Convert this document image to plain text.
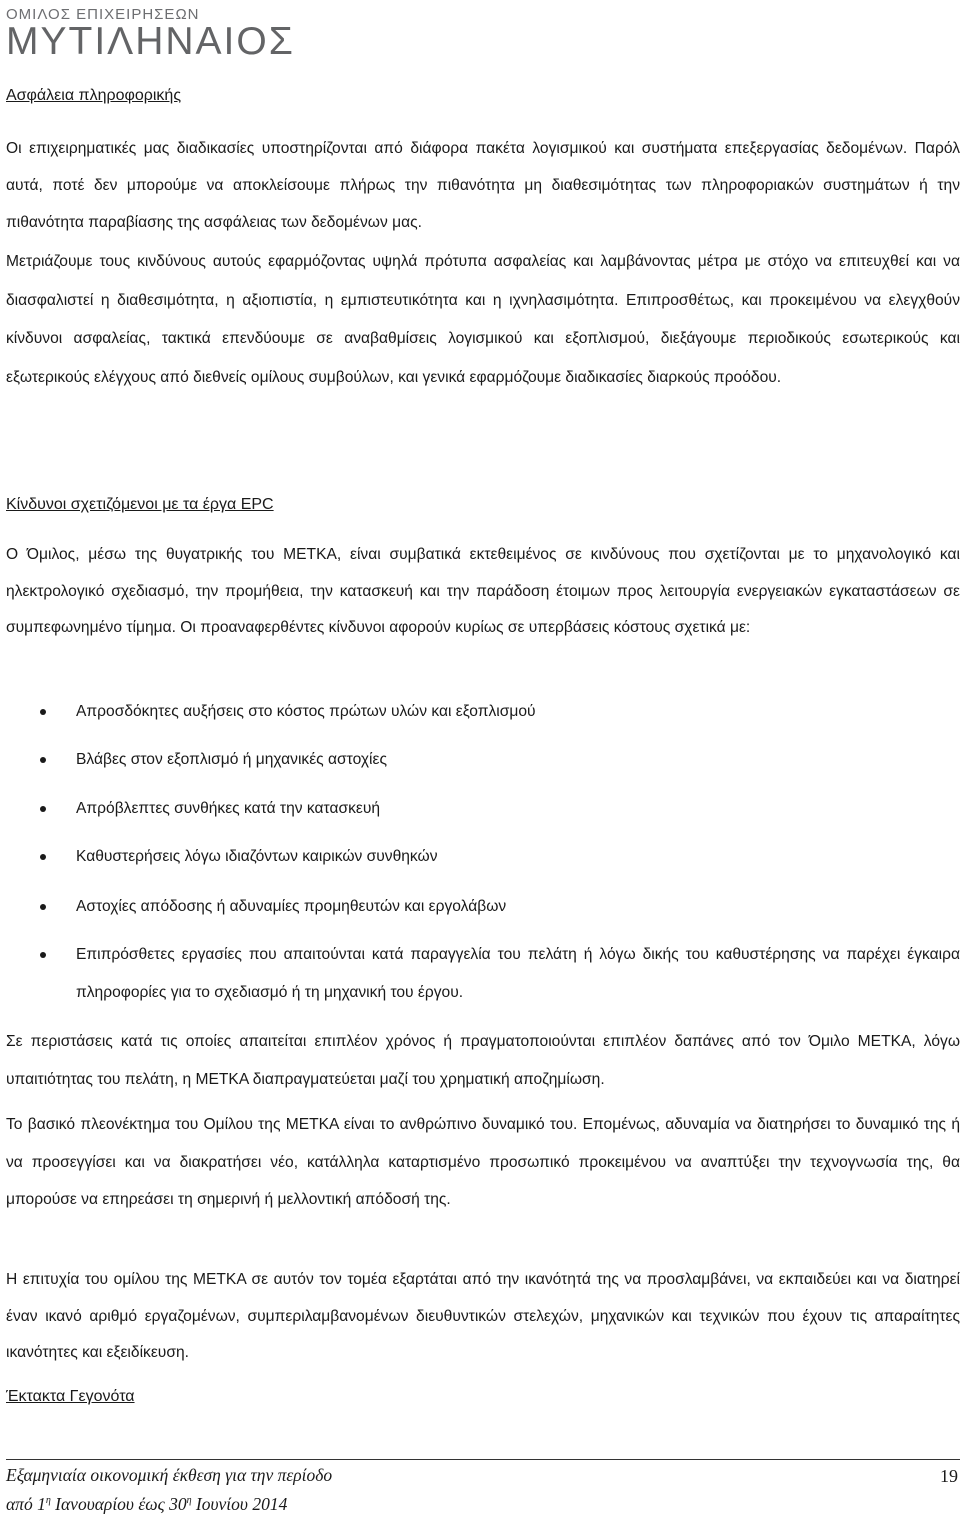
ΟΜΙΛΟΣ ΕΠΙΧΕΙΡΗΣΕΩΝ
ΜΥΤΙΛΗΝΑΙΟΣ
Ασφάλεια πληροφορικής

Οι επιχειρηματικές μας διαδικασίες υποστηρίζονται από διάφορα πακέτα λογισμικού και συστήματα επεξεργασίας δεδομένων. Παρόλ αυτά, ποτέ δεν μπορούμε να αποκλείσουμε πλήρως την πιθανότητα μη διαθεσιμότητας των πληροφοριακών συστημάτων ή την πιθανότητα παραβίασης της ασφάλειας των δεδομένων μας.

Μετριάζουμε τους κινδύνους αυτούς εφαρμόζοντας υψηλά πρότυπα ασφαλείας και λαμβάνοντας μέτρα με στόχο να επιτευχθεί και να διασφαλιστεί η διαθεσιμότητα, η αξιοπιστία, η εμπιστευτικότητα και η ιχνηλασιμότητα. Επιπροσθέτως, και προκειμένου να ελεγχθούν κίνδυνοι ασφαλείας, τακτικά επενδύουμε σε αναβαθμίσεις λογισμικού και εξοπλισμού, διεξάγουμε περιοδικούς εσωτερικούς και εξωτερικούς ελέγχους από διεθνείς ομίλους συμβούλων, και γενικά εφαρμόζουμε διαδικασίες διαρκούς προόδου.

Κίνδυνοι σχετιζόμενοι με τα έργα EPC

Ο Όμιλος, μέσω της θυγατρικής του ΜΕΤΚΑ, είναι συμβατικά εκτεθειμένος σε κινδύνους που σχετίζονται με το μηχανολογικό και ηλεκτρολογικό σχεδιασμό, την προμήθεια, την κατασκευή και την παράδοση έτοιμων προς λειτουργία ενεργειακών εγκαταστάσεων σε συμπεφωνημένο τίμημα. Οι προαναφερθέντες κίνδυνοι αφορούν κυρίως σε υπερβάσεις κόστους σχετικά με:

Απροσδόκητες αυξήσεις στο κόστος πρώτων υλών και εξοπλισμού
Βλάβες στον εξοπλισμό ή μηχανικές αστοχίες
Απρόβλεπτες συνθήκες κατά την κατασκευή
Καθυστερήσεις λόγω ιδιαζόντων καιρικών συνθηκών
Αστοχίες απόδοσης ή αδυναμίες προμηθευτών και εργολάβων
Επιπρόσθετες εργασίες που απαιτούνται κατά παραγγελία του πελάτη ή λόγω δικής του καθυστέρησης να παρέχει έγκαιρα πληροφορίες για το σχεδιασμό ή τη μηχανική του έργου.

Σε περιστάσεις κατά τις οποίες απαιτείται επιπλέον χρόνος ή πραγματοποιούνται επιπλέον δαπάνες από τον Όμιλο ΜΕΤΚΑ, λόγω υπαιτιότητας του πελάτη, η ΜΕΤΚΑ διαπραγματεύεται μαζί του χρηματική αποζημίωση.

Το βασικό πλεονέκτημα του Ομίλου της ΜΕΤΚΑ είναι το ανθρώπινο δυναμικό του. Επομένως, αδυναμία να διατηρήσει το δυναμικό της ή να προσεγγίσει και να διακρατήσει νέο, κατάλληλα καταρτισμένο προσωπικό προκειμένου να αναπτύξει την τεχνογνωσία της, θα μπορούσε να επηρεάσει τη σημερινή ή μελλοντική απόδοσή της.

Η επιτυχία του ομίλου της ΜΕΤΚΑ σε αυτόν τον τομέα εξαρτάται από την ικανότητά της να προσλαμβάνει, να εκπαιδεύει και να διατηρεί έναν ικανό αριθμό εργαζομένων, συμπεριλαμβανομένων διευθυντικών στελεχών, μηχανικών και τεχνικών που έχουν τις απαραίτητες ικανότητες και εξειδίκευση.

Έκτακτα Γεγονότα
Εξαμηνιαία οικονομική έκθεση για την περίοδο
από $1^\eta$ Ιανουαρίου έως $30^\eta$ Ιουνίου 2014
19
